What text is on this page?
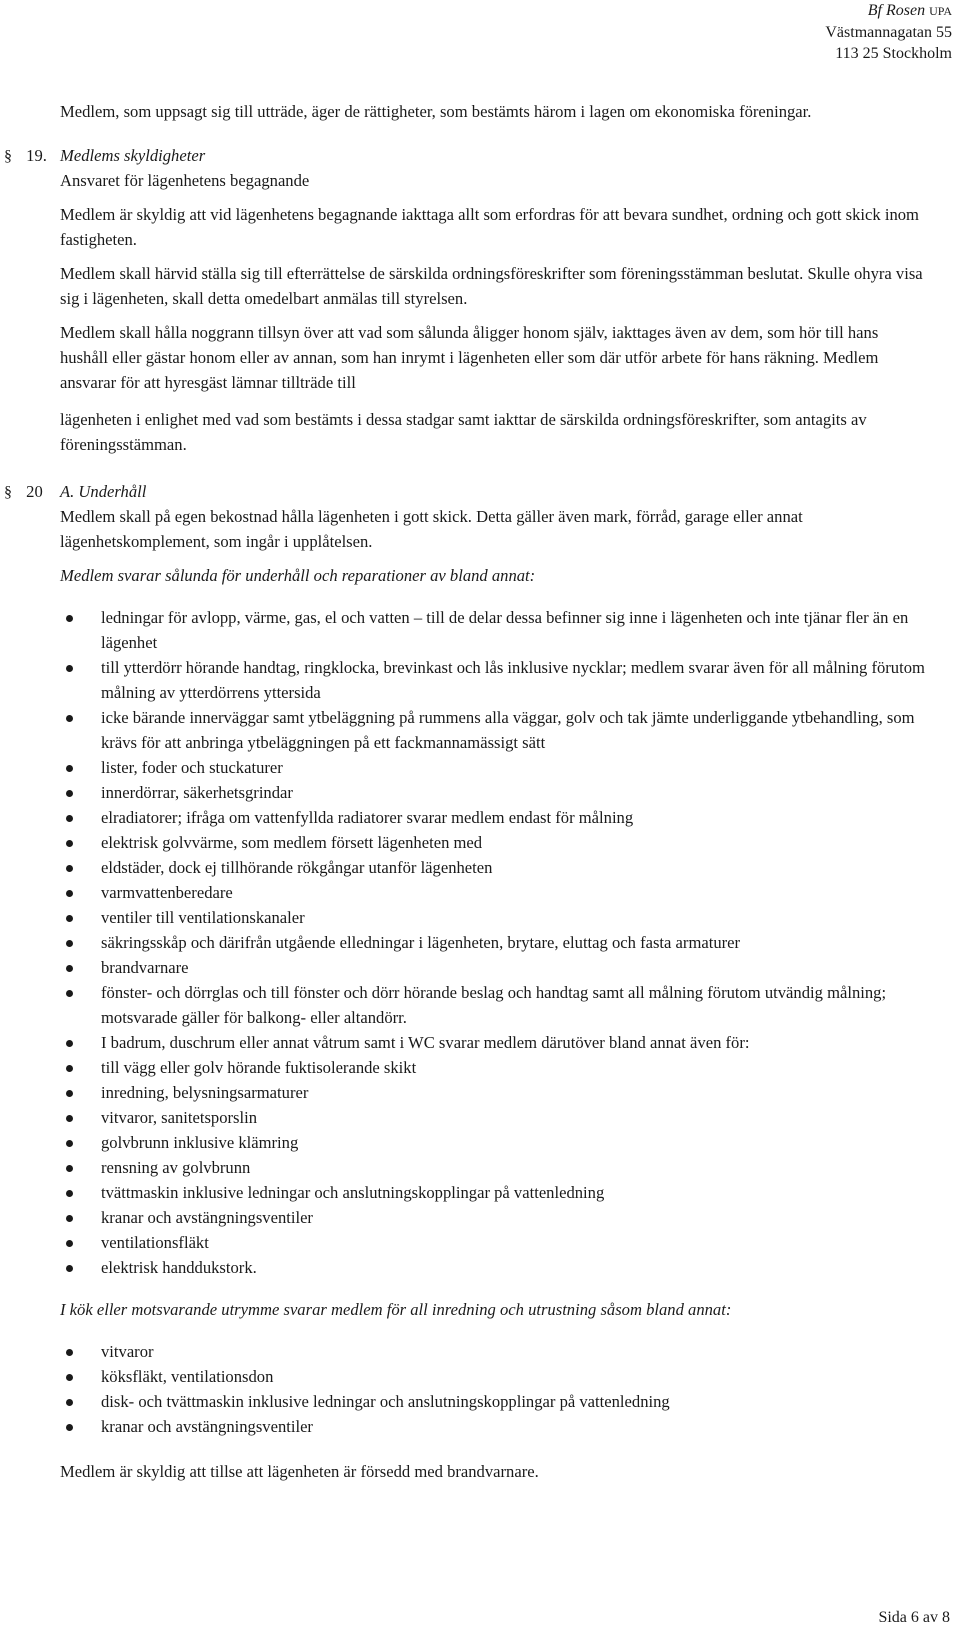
Bf Rosen UPA
Västmannagatan 55
113 25 Stockholm

Medlem, som uppsagt sig till utträde, äger de rättigheter, som bestämts härom i lagen om ekonomiska föreningar.

§ 19. Medlems skyldigheter

Ansvaret för lägenhetens begagnande

Medlem är skyldig att vid lägenhetens begagnande iakttaga allt som erfordras för att bevara sundhet, ordning och gott skick inom fastigheten.

Medlem skall härvid ställa sig till efterrättelse de särskilda ordningsföreskrifter som föreningsstämman beslutat. Skulle ohyra visa sig i lägenheten, skall detta omedelbart anmälas till styrelsen.

Medlem skall hålla noggrann tillsyn över att vad som sålunda åligger honom själv, iakttages även av dem, som hör till hans hushåll eller gästar honom eller av annan, som han inrymt i lägenheten eller som där utför arbete för hans räkning. Medlem ansvarar för att hyresgäst lämnar tillträde till

lägenheten i enlighet med vad som bestämts i dessa stadgar samt iakttar de särskilda ordningsföreskrifter, som antagits av föreningsstämman.

§ 20 A. Underhåll

Medlem skall på egen bekostnad hålla lägenheten i gott skick. Detta gäller även mark, förråd, garage eller annat lägenhetskomplement, som ingår i upplåtelsen.

Medlem svarar sålunda för underhåll och reparationer av bland annat:

ledningar för avlopp, värme, gas, el och vatten – till de delar dessa befinner sig inne i lägenheten och inte tjänar fler än en lägenhet
till ytterdörr hörande handtag, ringklocka, brevinkast och lås inklusive nycklar; medlem svarar även för all målning förutom målning av ytterdörrens yttersida
icke bärande innerväggar samt ytbeläggning på rummens alla väggar, golv och tak jämte underliggande ytbehandling, som krävs för att anbringa ytbeläggningen på ett fackmannamässigt sätt
lister, foder och stuckaturer
innerdörrar, säkerhetsgrindar
elradiatorer; ifråga om vattenfyllda radiatorer svarar medlem endast för målning
elektrisk golvvärme, som medlem försett lägenheten med
eldstäder, dock ej tillhörande rökgångar utanför lägenheten
varmvattenberedare
ventiler till ventilationskanaler
säkringsskåp och därifrån utgående elledningar i lägenheten, brytare, eluttag och fasta armaturer
brandvarnare
fönster- och dörrglas och till fönster och dörr hörande beslag och handtag samt all målning förutom utvändig målning; motsvarade gäller för balkong- eller altandörr.
I badrum, duschrum eller annat våtrum samt i WC svarar medlem därutöver bland annat även för:
till vägg eller golv hörande fuktisolerande skikt
inredning, belysningsarmaturer
vitvaror, sanitetsporslin
golvbrunn inklusive klämring
rensning av golvbrunn
tvättmaskin inklusive ledningar och anslutningskopplingar på vattenledning
kranar och avstängningsventiler
ventilationsfläkt
elektrisk handdukstork.

I kök eller motsvarande utrymme svarar medlem för all inredning och utrustning såsom bland annat:

vitvaror
köksfläkt, ventilationsdon
disk- och tvättmaskin inklusive ledningar och anslutningskopplingar på vattenledning
kranar och avstängningsventiler

Medlem är skyldig att tillse att lägenheten är försedd med brandvarnare.

Sida 6 av 8
